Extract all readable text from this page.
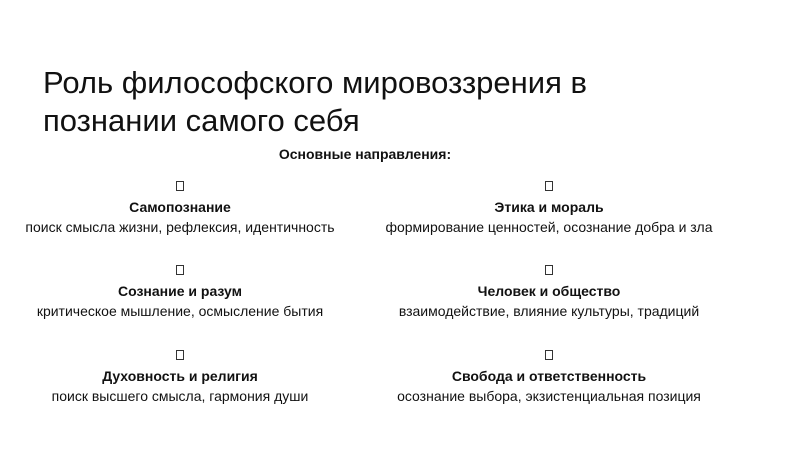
Роль философского мировоззрения в познании самого себя
Основные направления:
Самопознание
поиск смысла жизни, рефлексия, идентичность
Этика и мораль
формирование ценностей, осознание добра и зла
Сознание и разум
критическое мышление, осмысление бытия
Человек и общество
взаимодействие, влияние культуры, традиций
Духовность и религия
поиск высшего смысла, гармония души
Свобода и ответственность
осознание выбора, экзистенциальная позиция
